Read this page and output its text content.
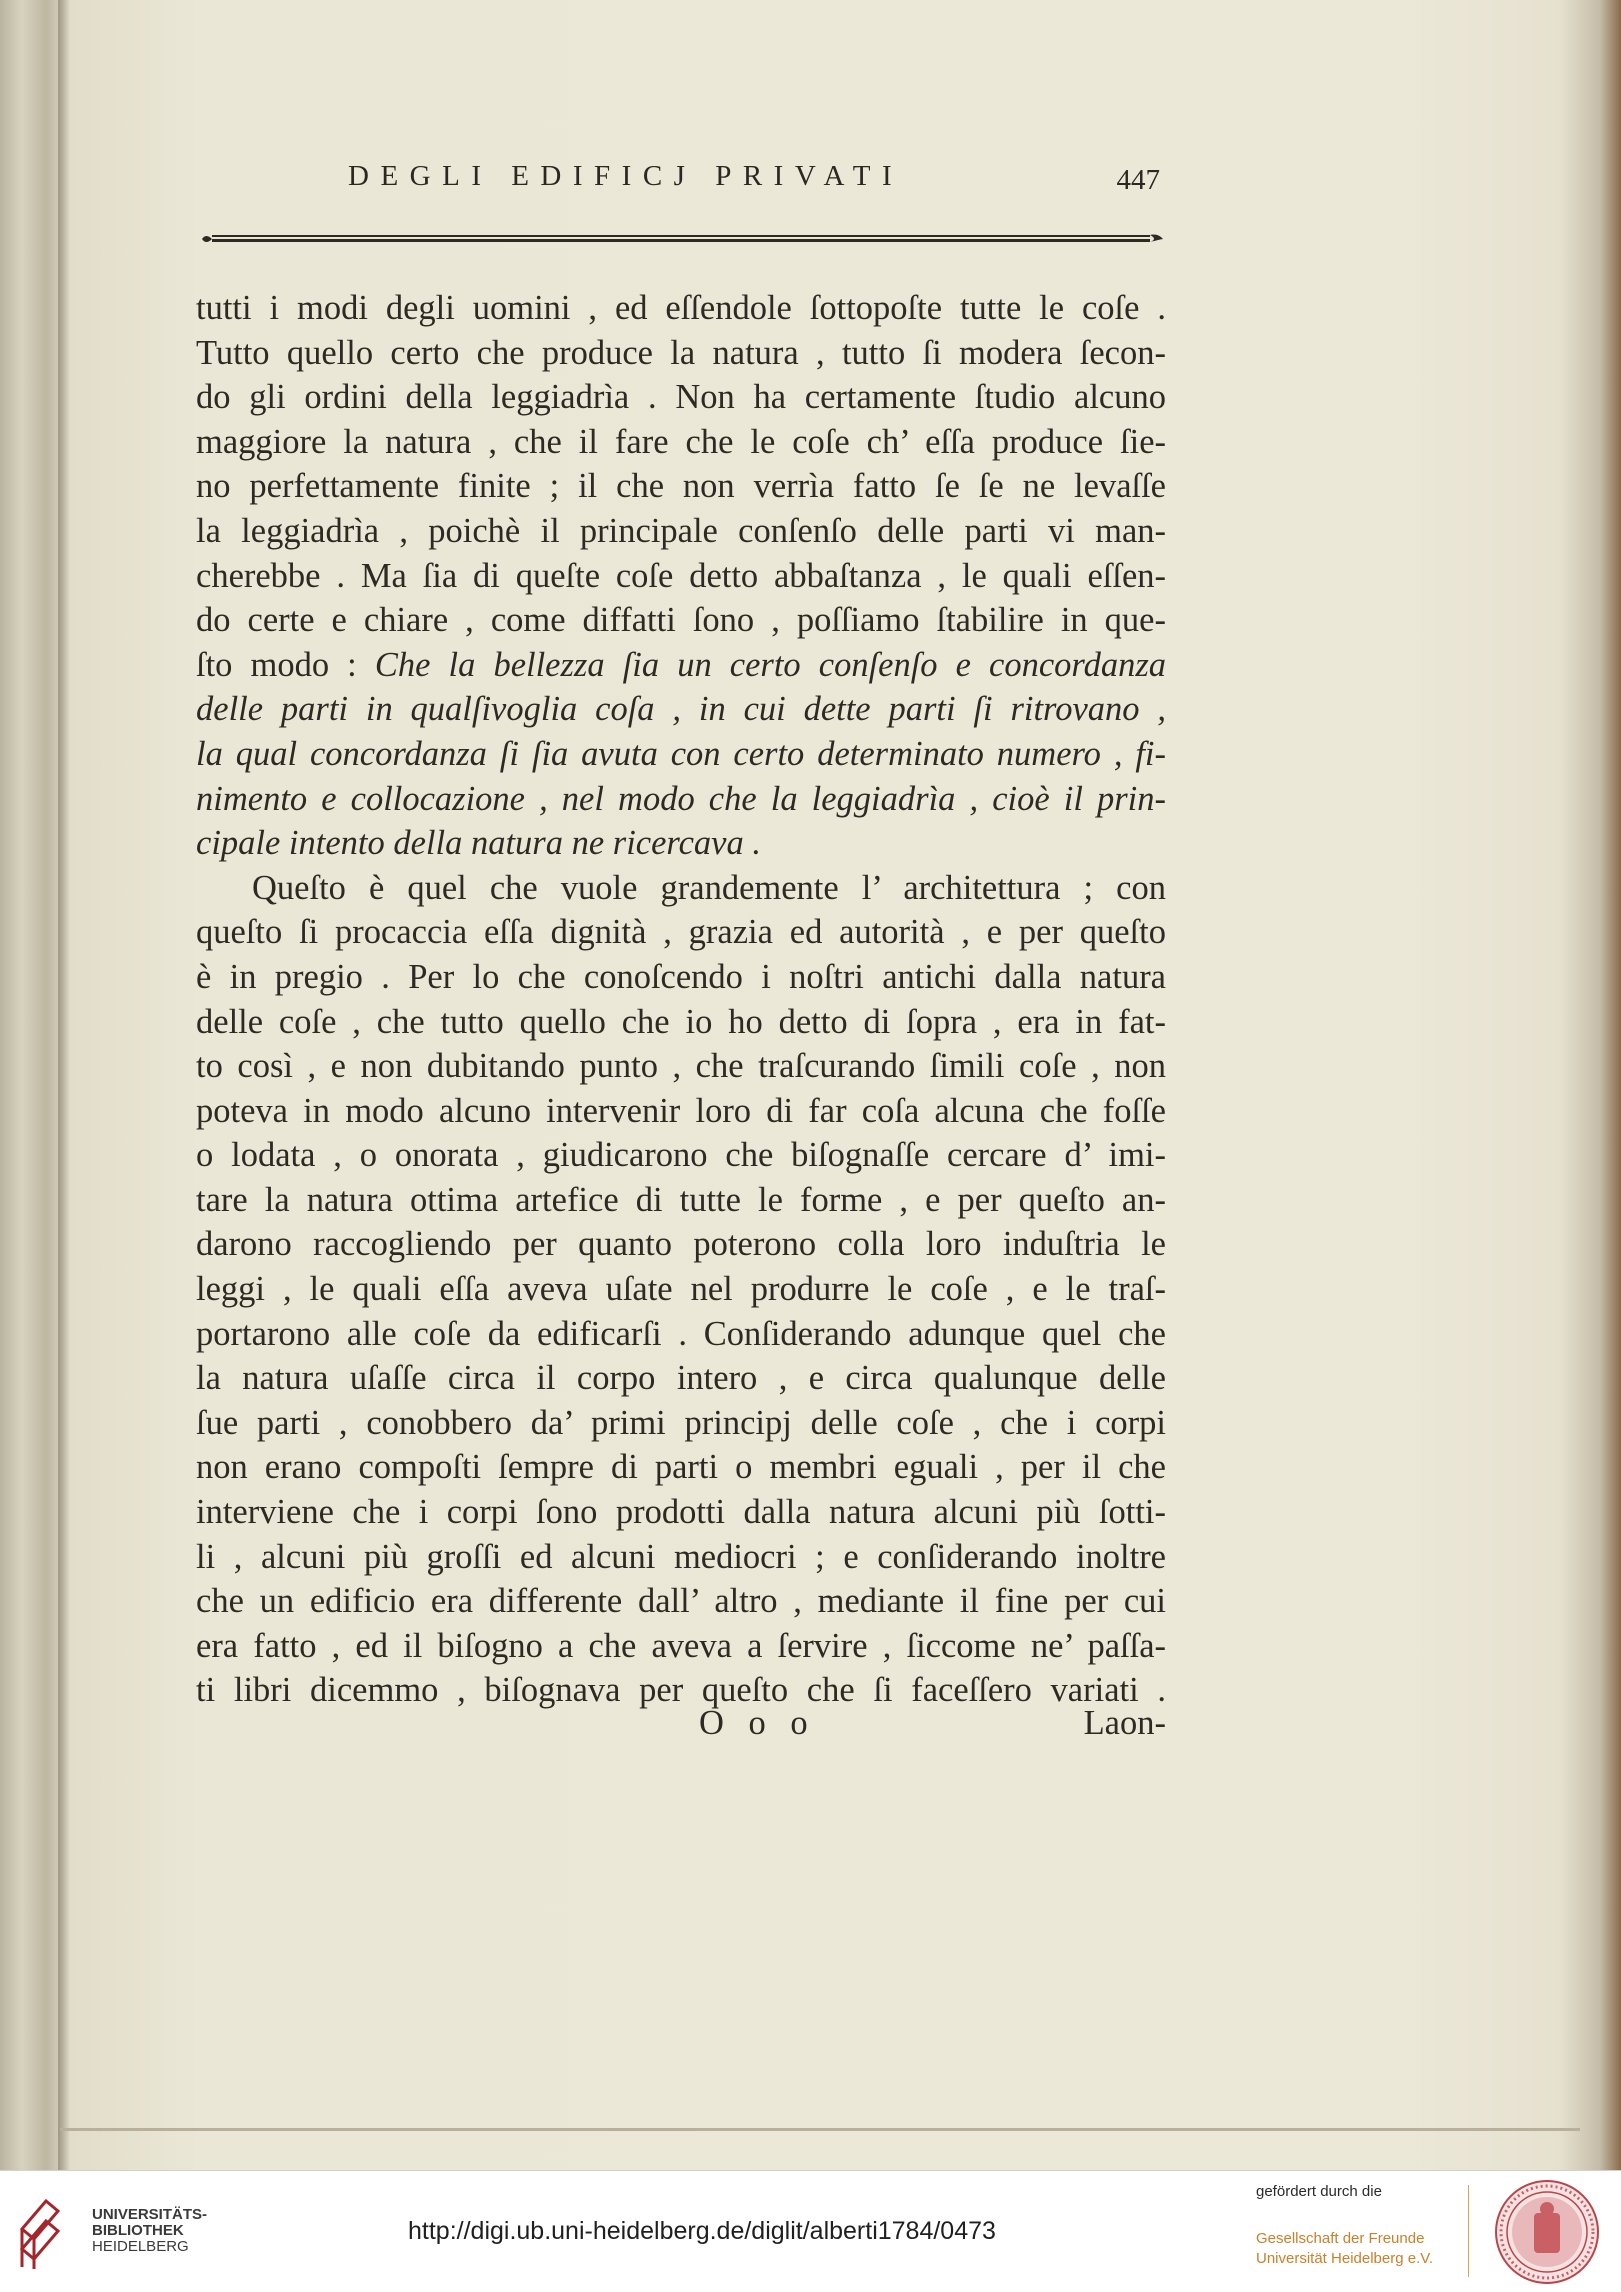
DEGLI EDIFICJ PRIVATI	447
tutti i modi degli uomini , ed eſſendole ſottopoſte tutte le coſe .
Tutto quello certo che produce la natura , tutto ſi modera ſecon-
do gli ordini della leggiadrìa . Non ha certamente ſtudio alcuno
maggiore la natura , che il fare che le coſe ch’ eſſa produce ſie-
no perfettamente finite ; il che non verrìa fatto ſe ſe ne levaſſe
la leggiadrìa , poichè il principale conſenſo delle parti vi man-
cherebbe . Ma ſia di queſte coſe detto abbaſtanza , le quali eſſen-
do certe e chiare , come diffatti ſono , poſſiamo ſtabilire in que-
ſto modo : Che la bellezza ſia un certo conſenſo e concordanza
delle parti in qualſivoglia coſa , in cui dette parti ſi ritrovano ,
la qual concordanza ſi ſia avuta con certo determinato numero , fi-
nimento e collocazione , nel modo che la leggiadrìa , cioè il prin-
cipale intento della natura ne ricercava .
Queſto è quel che vuole grandemente l’ architettura ; con
queſto ſi procaccia eſſa dignità , grazia ed autorità , e per queſto
è in pregio . Per lo che conoſcendo i noſtri antichi dalla natura
delle coſe , che tutto quello che io ho detto di ſopra , era in fat-
to così , e non dubitando punto , che traſcurando ſimili coſe , non
poteva in modo alcuno intervenir loro di far coſa alcuna che foſſe
o lodata , o onorata , giudicarono che biſognaſſe cercare d’ imi-
tare la natura ottima artefice di tutte le forme , e per queſto an-
darono raccogliendo per quanto poterono colla loro induſtria le
leggi , le quali eſſa aveva uſate nel produrre le coſe , e le traſ-
portarono alle coſe da edificarſi . Conſiderando adunque quel che
la natura uſaſſe circa il corpo intero , e circa qualunque delle
ſue parti , conobbero da’ primi principj delle coſe , che i corpi
non erano compoſti ſempre di parti o membri eguali , per il che
interviene che i corpi ſono prodotti dalla natura alcuni più ſotti-
li , alcuni più groſſi ed alcuni mediocri ; e conſiderando inoltre
che un edificio era differente dall’ altro , mediante il fine per cui
era fatto , ed il biſogno a che aveva a ſervire , ſiccome ne’ paſſa-
ti libri dicemmo , biſognava per queſto che ſi faceſſero variati .
O o o	Laon-
UNIVERSITÄTS-
BIBLIOTHEK
HEIDELBERG
http://digi.ub.uni-heidelberg.de/diglit/alberti1784/0473
gefördert durch die
Gesellschaft der Freunde
Universität Heidelberg e.V.
